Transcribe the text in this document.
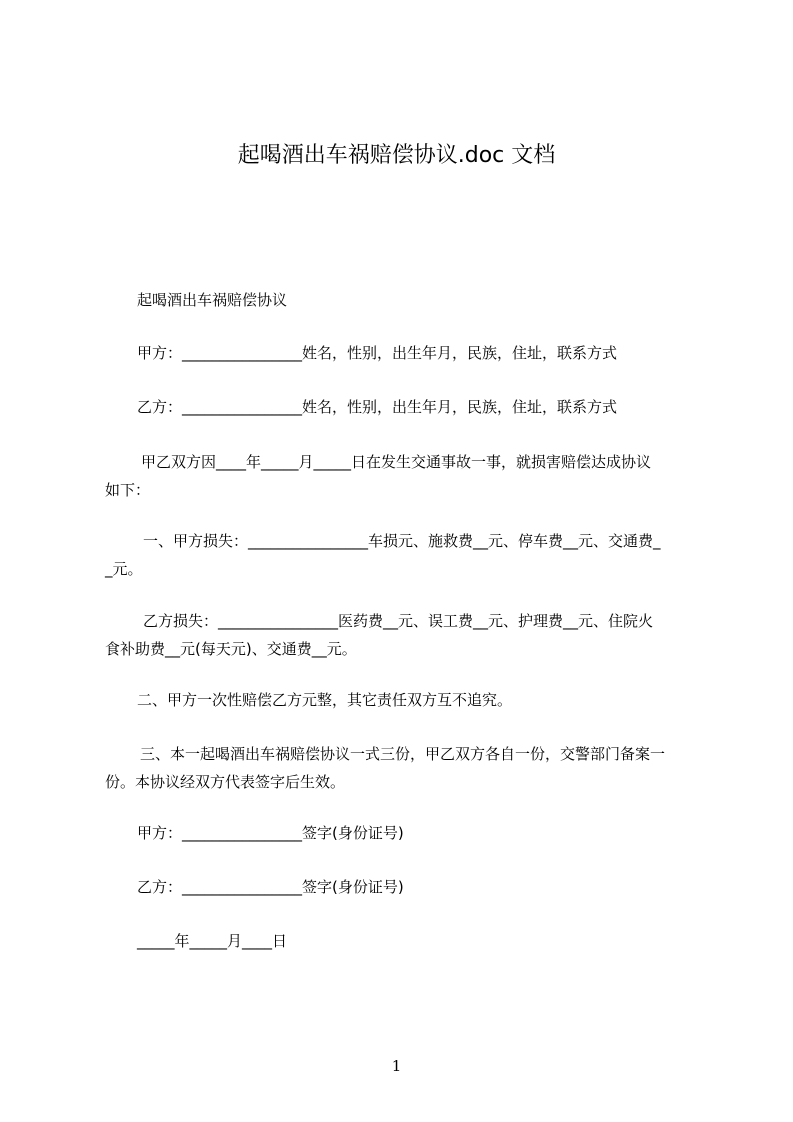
起喝酒出车祸赔偿协议.doc 文档
起喝酒出车祸赔偿协议
甲方：________________姓名，性别，出生年月，民族，住址，联系方式
乙方：________________姓名，性别，出生年月，民族，住址，联系方式
甲乙双方因____年_____月_____日在发生交通事故一事，就损害赔偿达成协议
如下：
一、甲方损失：________________车损元、施救费__元、停车费__元、交通费_
_元。
乙方损失：________________医药费__元、误工费__元、护理费__元、住院火
食补助费__元(每天元)、交通费__元。
二、甲方一次性赔偿乙方元整，其它责任双方互不追究。
三、本一起喝酒出车祸赔偿协议一式三份，甲乙双方各自一份，交警部门备案一
份。本协议经双方代表签字后生效。
甲方：________________签字(身份证号)
乙方：________________签字(身份证号)
_____年_____月____日
1
